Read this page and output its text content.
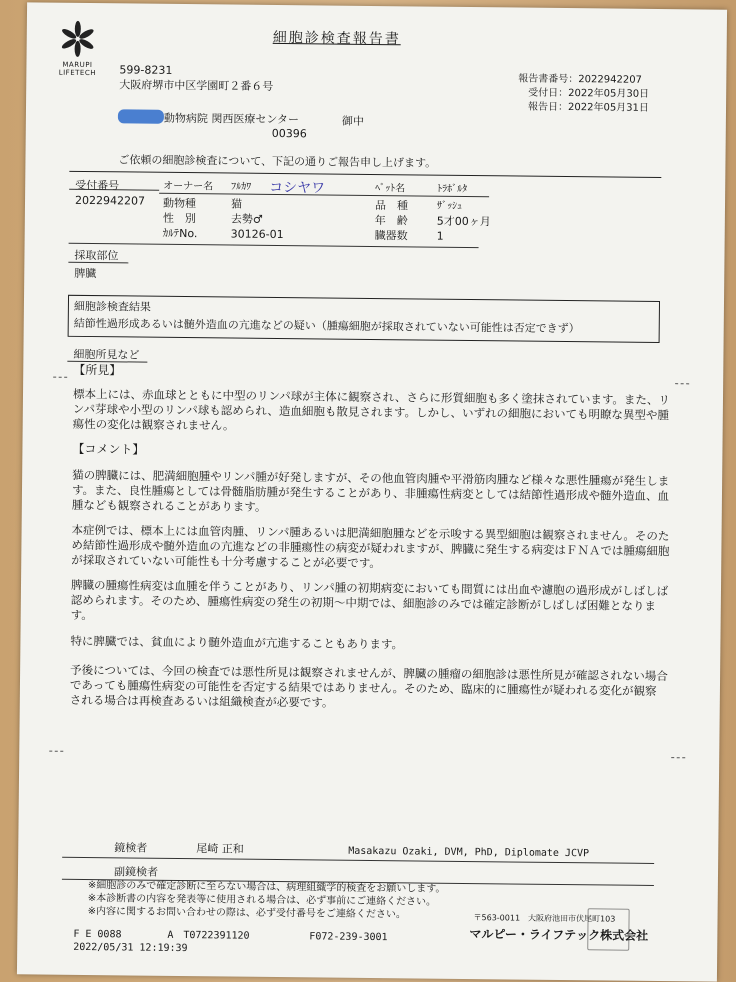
MARUPI
LIFETECH
細胞診検査報告書
599-8231
大阪府堺市中区学園町２番６号	報告書番号：2022942207
受付日：2022年05月30日
報告日：2022年05月31日
動物病院 関西医療センター
00396
御中
ご依頼の細胞診検査について、下記の通りご報告申し上げます。
受付番号
2022942207
オーナー名 ﾌﾙｶﾜ コシヤワ
動物種	猫
性　別	去勢♂
ｶﾙﾃNo.	30126-01
ﾍﾟｯﾄ名	ﾄﾗﾎﾞﾙﾀ
品　種	ｻﾞｯｼｭ
年　齢	5才00ヶ月
臓器数	1
採取部位
脾臓
細胞診検査結果
結節性過形成あるいは髄外造血の亢進などの疑い（腫瘍細胞が採取されていない可能性は否定できず）
細胞所見など
【所見】
標本上には、赤血球とともに中型のリンパ球が主体に観察され、さらに形質細胞も多く塗抹されています。また、リンパ芽球や小型のリンパ球も認められ、造血細胞も散見されます。しかし、いずれの細胞においても明瞭な異型や腫瘍性の変化は観察されません。
【コメント】
猫の脾臓には、肥満細胞腫やリンパ腫が好発しますが、その他血管肉腫や平滑筋肉腫など様々な悪性腫瘍が発生します。また、良性腫瘍としては骨髄脂肪腫が発生することがあり、非腫瘍性病変としては結節性過形成や髄外造血、血腫なども観察されることがあります。
本症例では、標本上には血管肉腫、リンパ腫あるいは肥満細胞腫などを示唆する異型細胞は観察されません。そのため結節性過形成や髄外造血の亢進などの非腫瘍性の病変が疑われますが、脾臓に発生する病変はＦＮＡでは腫瘍細胞が採取されていない可能性も十分考慮することが必要です。
脾臓の腫瘍性病変は血腫を伴うことがあり、リンパ腫の初期病変においても間質には出血や濾胞の過形成がしばしば認められます。そのため、腫瘍性病変の発生の初期～中期では、細胞診のみでは確定診断がしばしば困難となります。
特に脾臓では、貧血により髄外造血が亢進することもあります。
予後については、今回の検査では悪性所見は観察されませんが、脾臓の腫瘤の細胞診は悪性所見が確認されない場合であっても腫瘍性病変の可能性を否定する結果ではありません。そのため、臨床的に腫瘍性が疑われる変化が観察される場合は再検査あるいは組織検査が必要です。
鏡検者	尾崎 正和	Masakazu Ozaki, DVM, PhD, Diplomate JCVP
副鏡検者
※細胞診のみで確定診断に至らない場合は、病理組織学的検査をお願いします。
※本診断書の内容を発表等に使用される場合は、必ず事前にご連絡ください。
※内容に関するお問い合わせの際は、必ず受付番号をご連絡ください。
F E 0088	A　T0722391120	F072-239-3001
2022/05/31 12:19:39
〒563-0011　大阪府池田市伏尾町103
マルピー・ライフテック株式会社
